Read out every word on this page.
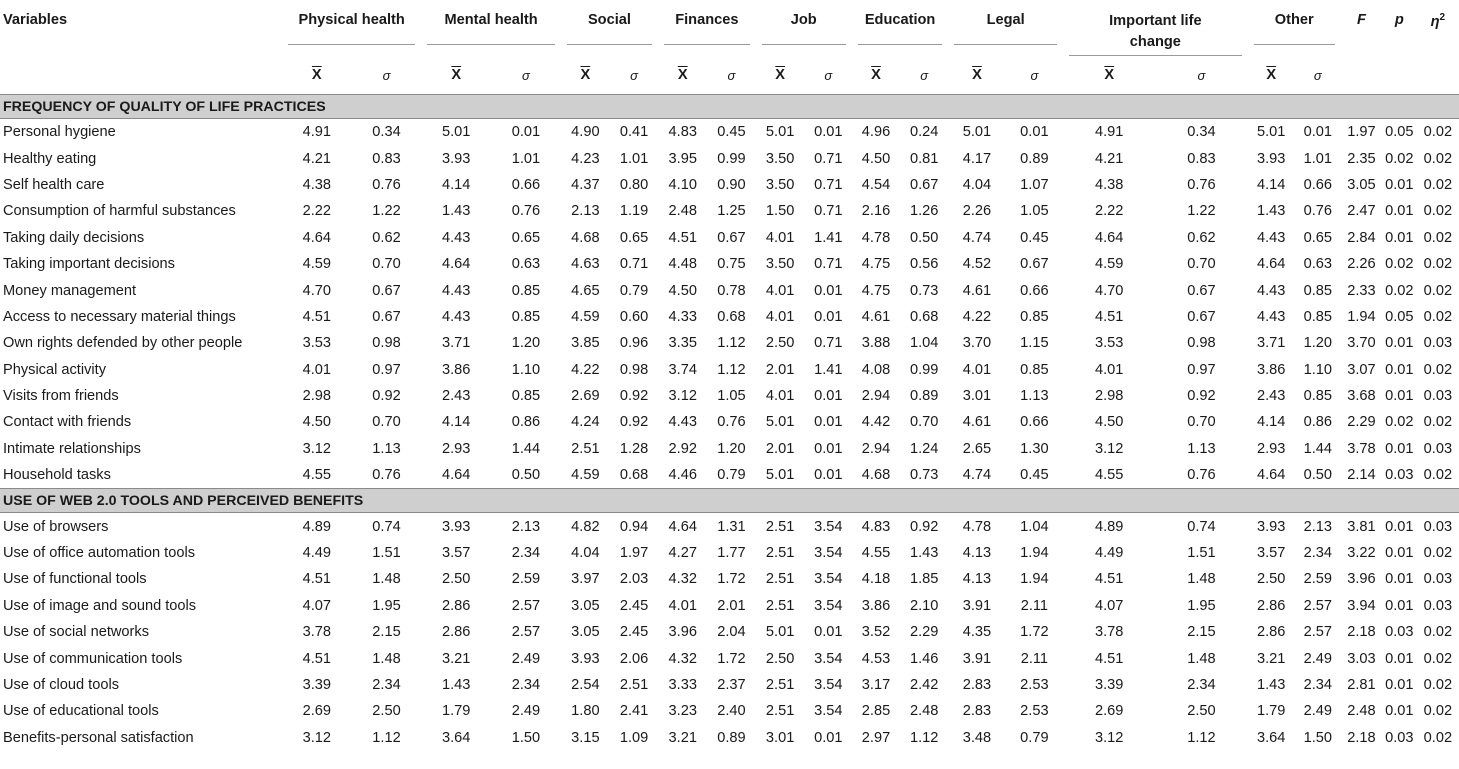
Variables	Physical health		Mental health		Social		Finances		Job		Education		Legal		Important life change		Other		F	p	$\eta^2$
	$\overline{X}$	σ	$\overline{X}$	σ	$\overline{X}$	σ	$\overline{X}$	σ	$\overline{X}$	σ	$\overline{X}$	σ	$\overline{X}$	σ	$\overline{X}$	σ	$\overline{X}$	σ			
FREQUENCY OF QUALITY OF LIFE PRACTICES																					
Personal hygiene	4.91	0.34	5.01	0.01	4.90	0.41	4.83	0.45	5.01	0.01	4.96	0.24	5.01	0.01	4.91	0.34	5.01	0.01	1.97	0.05	0.02
Healthy eating	4.21	0.83	3.93	1.01	4.23	1.01	3.95	0.99	3.50	0.71	4.50	0.81	4.17	0.89	4.21	0.83	3.93	1.01	2.35	0.02	0.02
Self health care	4.38	0.76	4.14	0.66	4.37	0.80	4.10	0.90	3.50	0.71	4.54	0.67	4.04	1.07	4.38	0.76	4.14	0.66	3.05	0.01	0.02
Consumption of harmful substances	2.22	1.22	1.43	0.76	2.13	1.19	2.48	1.25	1.50	0.71	2.16	1.26	2.26	1.05	2.22	1.22	1.43	0.76	2.47	0.01	0.02
Taking daily decisions	4.64	0.62	4.43	0.65	4.68	0.65	4.51	0.67	4.01	1.41	4.78	0.50	4.74	0.45	4.64	0.62	4.43	0.65	2.84	0.01	0.02
Taking important decisions	4.59	0.70	4.64	0.63	4.63	0.71	4.48	0.75	3.50	0.71	4.75	0.56	4.52	0.67	4.59	0.70	4.64	0.63	2.26	0.02	0.02
Money management	4.70	0.67	4.43	0.85	4.65	0.79	4.50	0.78	4.01	0.01	4.75	0.73	4.61	0.66	4.70	0.67	4.43	0.85	2.33	0.02	0.02
Access to necessary material things	4.51	0.67	4.43	0.85	4.59	0.60	4.33	0.68	4.01	0.01	4.61	0.68	4.22	0.85	4.51	0.67	4.43	0.85	1.94	0.05	0.02
Own rights defended by other people	3.53	0.98	3.71	1.20	3.85	0.96	3.35	1.12	2.50	0.71	3.88	1.04	3.70	1.15	3.53	0.98	3.71	1.20	3.70	0.01	0.03
Physical activity	4.01	0.97	3.86	1.10	4.22	0.98	3.74	1.12	2.01	1.41	4.08	0.99	4.01	0.85	4.01	0.97	3.86	1.10	3.07	0.01	0.02
Visits from friends	2.98	0.92	2.43	0.85	2.69	0.92	3.12	1.05	4.01	0.01	2.94	0.89	3.01	1.13	2.98	0.92	2.43	0.85	3.68	0.01	0.03
Contact with friends	4.50	0.70	4.14	0.86	4.24	0.92	4.43	0.76	5.01	0.01	4.42	0.70	4.61	0.66	4.50	0.70	4.14	0.86	2.29	0.02	0.02
Intimate relationships	3.12	1.13	2.93	1.44	2.51	1.28	2.92	1.20	2.01	0.01	2.94	1.24	2.65	1.30	3.12	1.13	2.93	1.44	3.78	0.01	0.03
Household tasks	4.55	0.76	4.64	0.50	4.59	0.68	4.46	0.79	5.01	0.01	4.68	0.73	4.74	0.45	4.55	0.76	4.64	0.50	2.14	0.03	0.02
USE OF WEB 2.0 TOOLS AND PERCEIVED BENEFITS																					
Use of browsers	4.89	0.74	3.93	2.13	4.82	0.94	4.64	1.31	2.51	3.54	4.83	0.92	4.78	1.04	4.89	0.74	3.93	2.13	3.81	0.01	0.03
Use of office automation tools	4.49	1.51	3.57	2.34	4.04	1.97	4.27	1.77	2.51	3.54	4.55	1.43	4.13	1.94	4.49	1.51	3.57	2.34	3.22	0.01	0.02
Use of functional tools	4.51	1.48	2.50	2.59	3.97	2.03	4.32	1.72	2.51	3.54	4.18	1.85	4.13	1.94	4.51	1.48	2.50	2.59	3.96	0.01	0.03
Use of image and sound tools	4.07	1.95	2.86	2.57	3.05	2.45	4.01	2.01	2.51	3.54	3.86	2.10	3.91	2.11	4.07	1.95	2.86	2.57	3.94	0.01	0.03
Use of social networks	3.78	2.15	2.86	2.57	3.05	2.45	3.96	2.04	5.01	0.01	3.52	2.29	4.35	1.72	3.78	2.15	2.86	2.57	2.18	0.03	0.02
Use of communication tools	4.51	1.48	3.21	2.49	3.93	2.06	4.32	1.72	2.50	3.54	4.53	1.46	3.91	2.11	4.51	1.48	3.21	2.49	3.03	0.01	0.02
Use of cloud tools	3.39	2.34	1.43	2.34	2.54	2.51	3.33	2.37	2.51	3.54	3.17	2.42	2.83	2.53	3.39	2.34	1.43	2.34	2.81	0.01	0.02
Use of educational tools	2.69	2.50	1.79	2.49	1.80	2.41	3.23	2.40	2.51	3.54	2.85	2.48	2.83	2.53	2.69	2.50	1.79	2.49	2.48	0.01	0.02
Benefits-personal satisfaction	3.12	1.12	3.64	1.50	3.15	1.09	3.21	0.89	3.01	0.01	2.97	1.12	3.48	0.79	3.12	1.12	3.64	1.50	2.18	0.03	0.02
